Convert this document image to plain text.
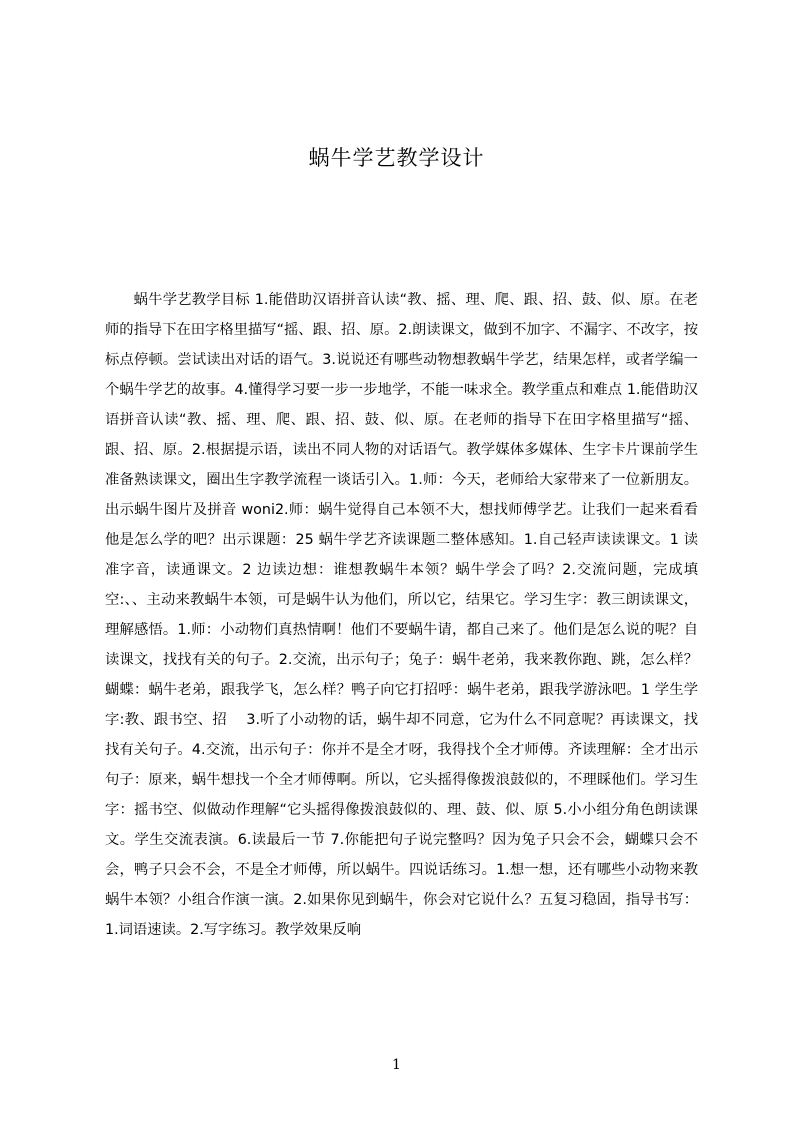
蜗牛学艺教学设计

蜗牛学艺教学目标 1.能借助汉语拼音认读“教、摇、理、爬、跟、招、鼓、似、原。在老师的指导下在田字格里描写“摇、跟、招、原。2.朗读课文，做到不加字、不漏字、不改字，按标点停顿。尝试读出对话的语气。3.说说还有哪些动物想教蜗牛学艺，结果怎样，或者学编一个蜗牛学艺的故事。4.懂得学习要一步一步地学，不能一味求全。教学重点和难点 1.能借助汉语拼音认读“教、摇、理、爬、跟、招、鼓、似、原。在老师的指导下在田字格里描写“摇、跟、招、原。2.根据提示语，读出不同人物的对话语气。教学媒体多媒体、生字卡片课前学生准备熟读课文，圈出生字教学流程一谈话引入。1.师：今天，老师给大家带来了一位新朋友。出示蜗牛图片及拼音 woni2.师：蜗牛觉得自己本领不大，想找师傅学艺。让我们一起来看看他是怎么学的吧？出示课题：25 蜗牛学艺齐读课题二整体感知。1.自己轻声读读课文。1 读准字音，读通课文。2 边读边想：谁想教蜗牛本领？蜗牛学会了吗？2.交流问题，完成填空:、、主动来教蜗牛本领，可是蜗牛认为他们，所以它，结果它。学习生字：教三朗读课文，理解感悟。1.师：小动物们真热情啊！他们不要蜗牛请，都自己来了。他们是怎么说的呢？自读课文，找找有关的句子。2.交流，出示句子；兔子：蜗牛老弟，我来教你跑、跳，怎么样？蝴蝶：蜗牛老弟，跟我学飞，怎么样？鸭子向它打招呼：蜗牛老弟，跟我学游泳吧。1 学生学字:教、跟书空、招　 3.听了小动物的话，蜗牛却不同意，它为什么不同意呢？再读课文，找找有关句子。4.交流，出示句子：你并不是全才呀，我得找个全才师傅。齐读理解：全才出示句子：原来，蜗牛想找一个全才师傅啊。所以，它头摇得像拨浪鼓似的，不理睬他们。学习生字：摇书空、似做动作理解“它头摇得像拨浪鼓似的、理、鼓、似、原 5.小小组分角色朗读课文。学生交流表演。6.读最后一节 7.你能把句子说完整吗？因为兔子只会不会，蝴蝶只会不会，鸭子只会不会，不是全才师傅，所以蜗牛。四说话练习。1.想一想，还有哪些小动物来教蜗牛本领？小组合作演一演。2.如果你见到蜗牛，你会对它说什么？五复习稳固，指导书写：1.词语速读。2.写字练习。教学效果反响

1
